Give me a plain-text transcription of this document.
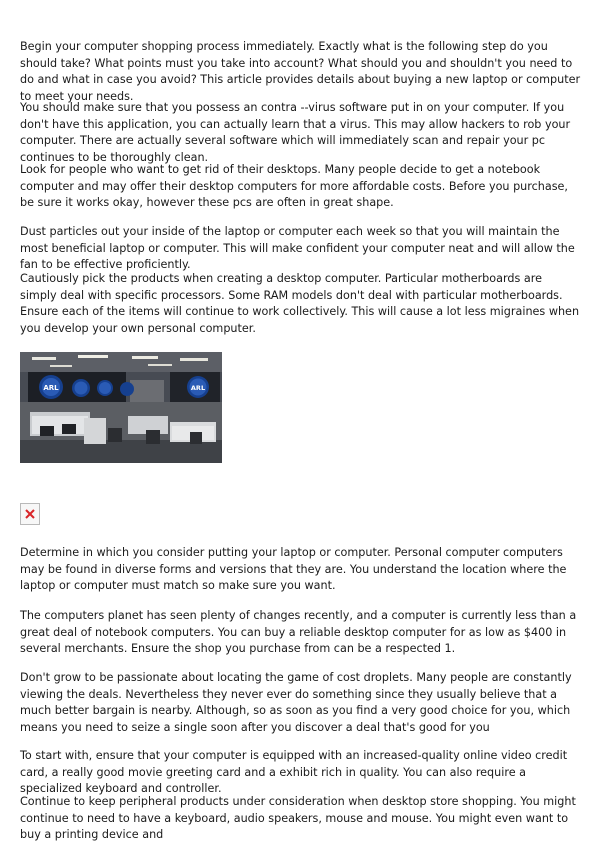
Begin your computer shopping process immediately. Exactly what is the following step do you should take? What points must you take into account? What should you and shouldn't you need to do and what in case you avoid? This article provides details about buying a new laptop or computer to meet your needs.

You should make sure that you possess an contra --virus software put in on your computer. If you don't have this application, you can actually learn that a virus. This may allow hackers to rob your computer. There are actually several software which will immediately scan and repair your pc continues to be thoroughly clean.

Look for people who want to get rid of their desktops. Many people decide to get a notebook computer and may offer their desktop computers for more affordable costs. Before you purchase, be sure it works okay, however these pcs are often in great shape.

Dust particles out your inside of the laptop or computer each week so that you will maintain the most beneficial laptop or computer. This will make confident your computer neat and will allow the fan to be effective proficiently.

Cautiously pick the products when creating a desktop computer. Particular motherboards are simply deal with specific processors. Some RAM models don't deal with particular motherboards. Ensure each of the items will continue to work collectively. This will cause a lot less migraines when you develop your own personal computer.

ARL	ARL

Determine in which you consider putting your laptop or computer. Personal computer computers may be found in diverse forms and versions that they are. You understand the location where the laptop or computer must match so make sure you want.

The computers planet has seen plenty of changes recently, and a computer is currently less than a great deal of notebook computers. You can buy a reliable desktop computer for as low as $400 in several merchants. Ensure the shop you purchase from can be a respected 1.

Don't grow to be passionate about locating the game of cost droplets. Many people are constantly viewing the deals. Nevertheless they never ever do something since they usually believe that a much better bargain is nearby. Although, so as soon as you find a very good choice for you, which means you need to seize a single soon after you discover a deal that's good for you

To start with, ensure that your computer is equipped with an increased-quality online video credit card, a really good movie greeting card and a exhibit rich in quality. You can also require a specialized keyboard and controller.

Continue to keep peripheral products under consideration when desktop store shopping. You might continue to need to have a keyboard, audio speakers, mouse and mouse. You might even want to buy a printing device and
